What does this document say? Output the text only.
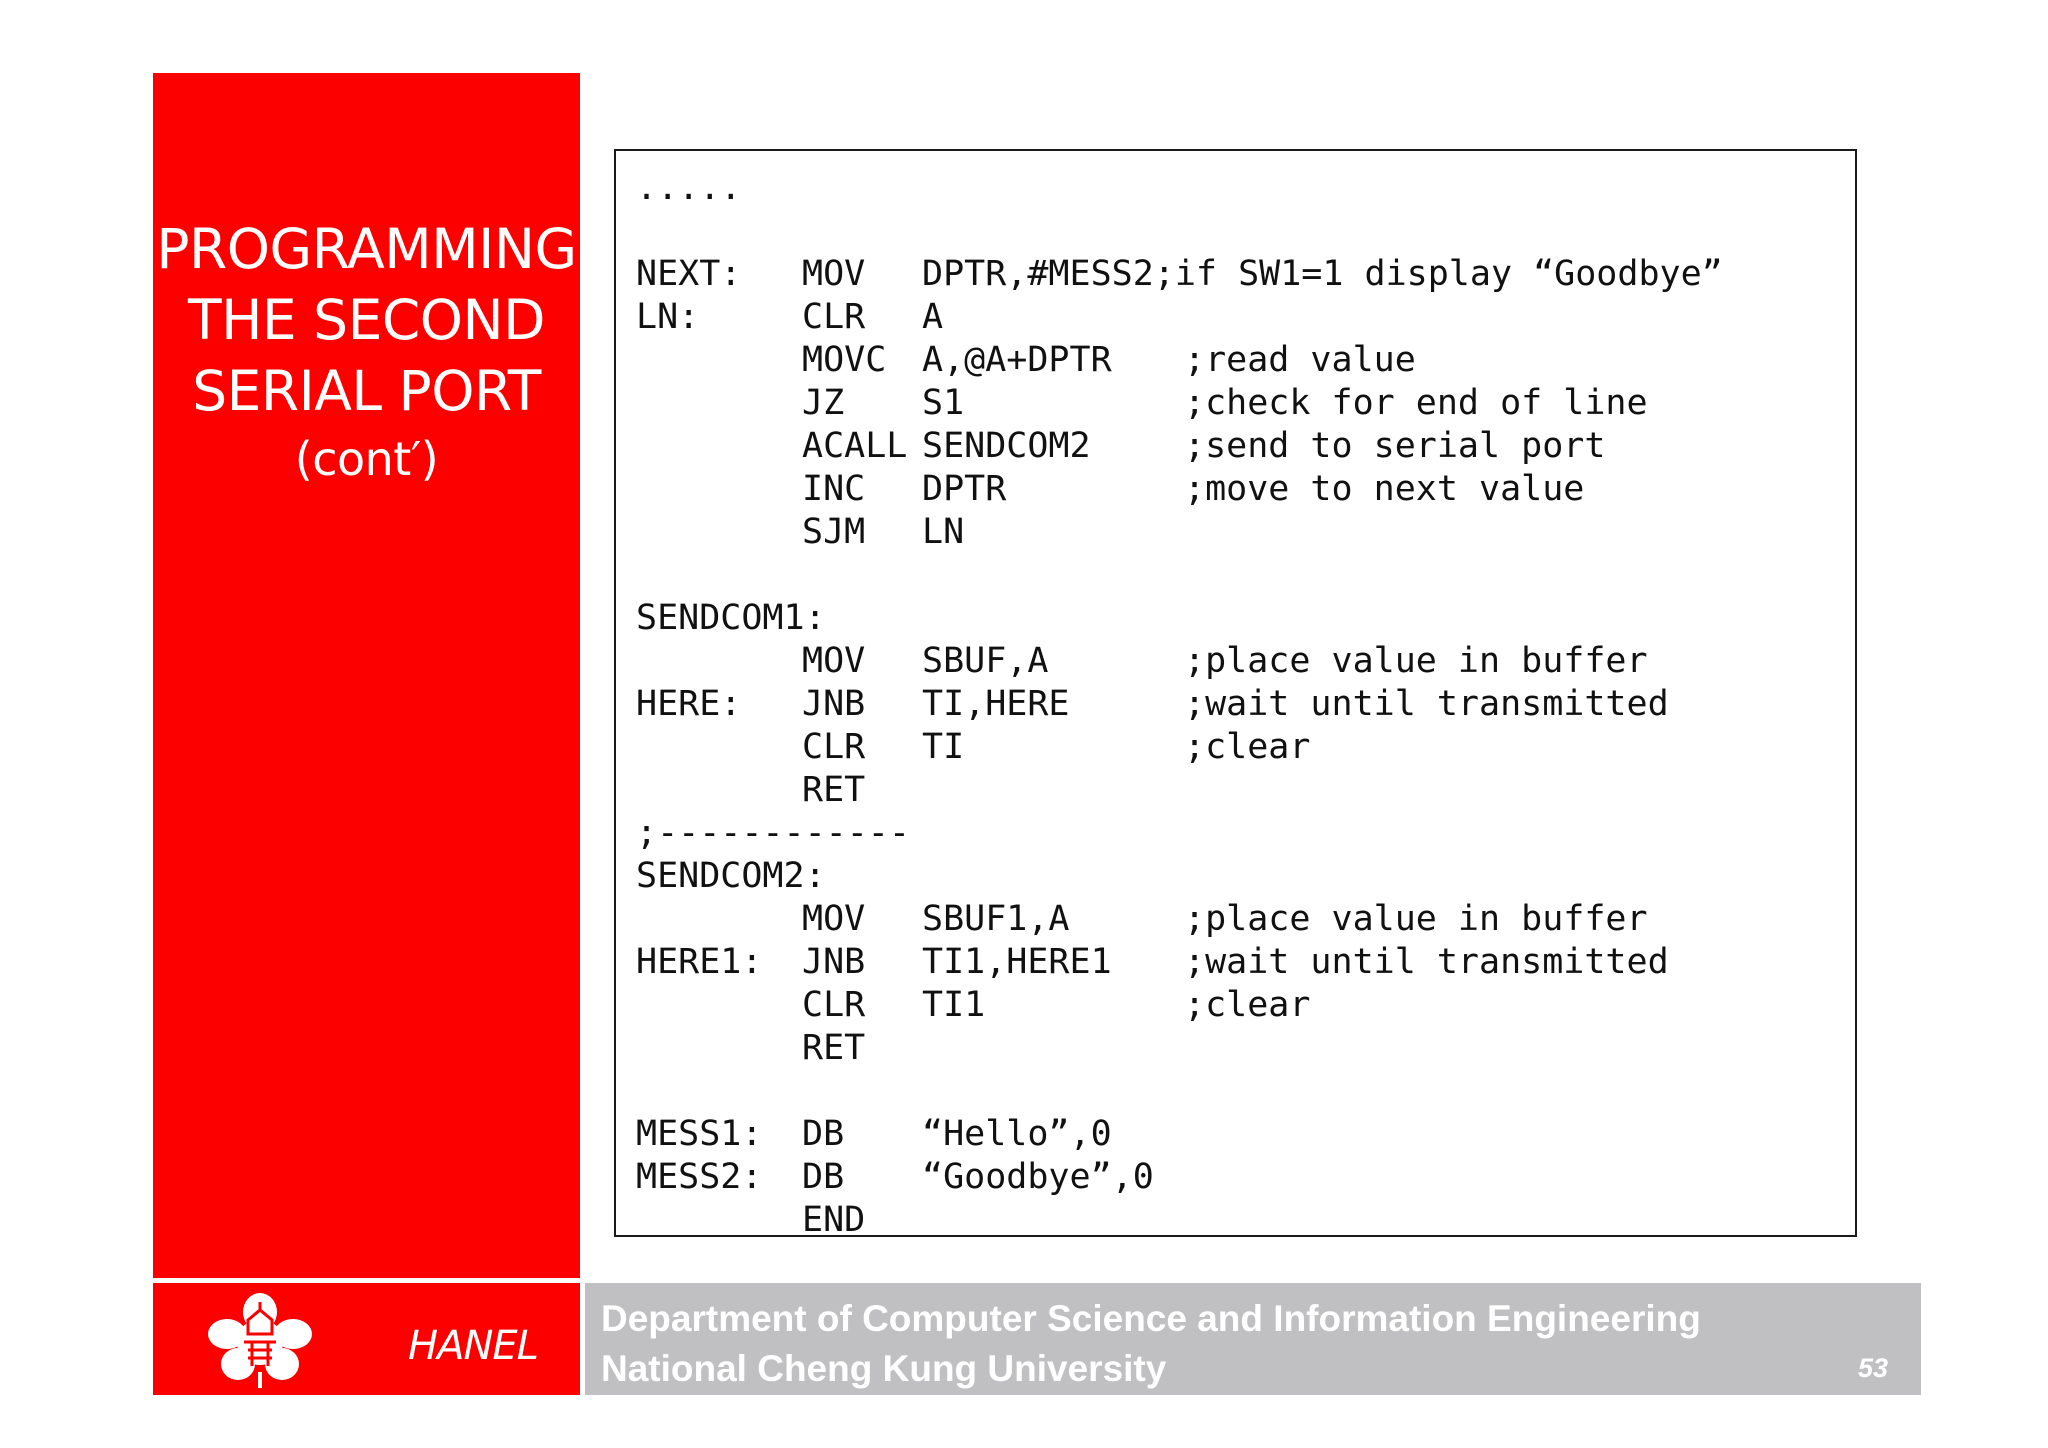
PROGRAMMING
THE SECOND
SERIAL PORT
(cont′)
.....
NEXT: MOV DPTR,#MESS2;if SW1=1 display “Goodbye”
LN:	CLR A
MOVC A,@A+DPTR ;read value
JZ S1	;check for end of line
ACALL SENDCOM2	;send to serial port
INC DPTR	;move to next value
SJM LN
SENDCOM1:
MOV SBUF,A	;place value in buffer
HERE: JNB TI,HERE	;wait until transmitted
CLR TI	;clear
RET
;------------
SENDCOM2:
MOV SBUF1,A	;place value in buffer
HERE1: JNB TI1,HERE1 ;wait until transmitted
CLR TI1	;clear
RET
MESS1: DB “Hello”,0
MESS2: DB “Goodbye”,0
END
HANEL
Department of Computer Science and Information Engineering
National Cheng Kung University	53
